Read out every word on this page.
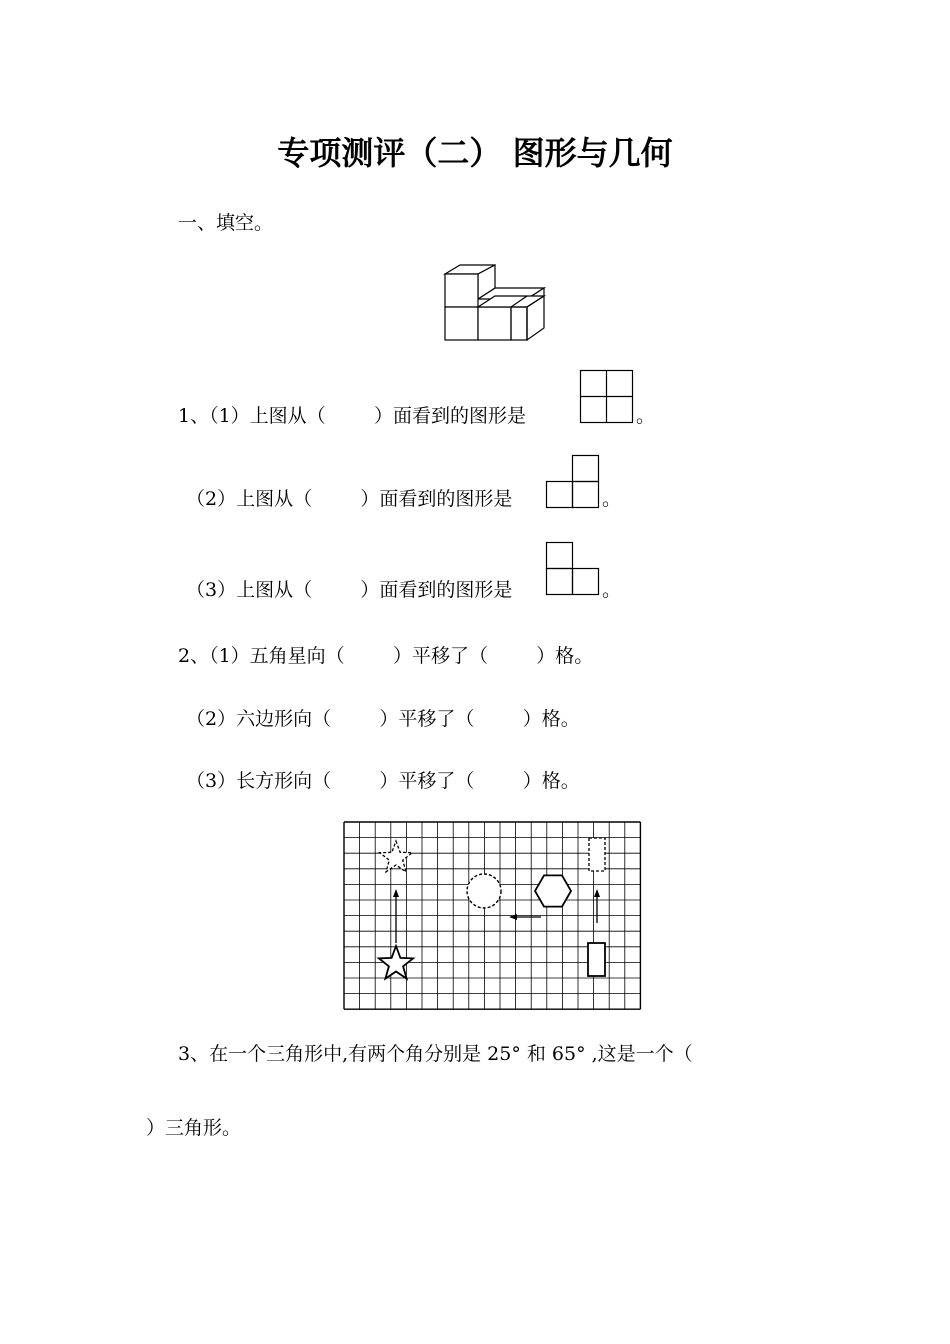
专项测评（二） 图形与几何
一、填空。
1、（1）上图从（        ）面看到的图形是	。
（2）上图从（        ）面看到的图形是	。
（3）上图从（        ）面看到的图形是	。
2、（1）五角星向（        ）平移了（        ）格。
（2）六边形向（        ）平移了（        ）格。
（3）长方形向（        ）平移了（        ）格。
3、在一个三角形中,有两个角分别是 25° 和 65° ,这是一个（
）三角形。
